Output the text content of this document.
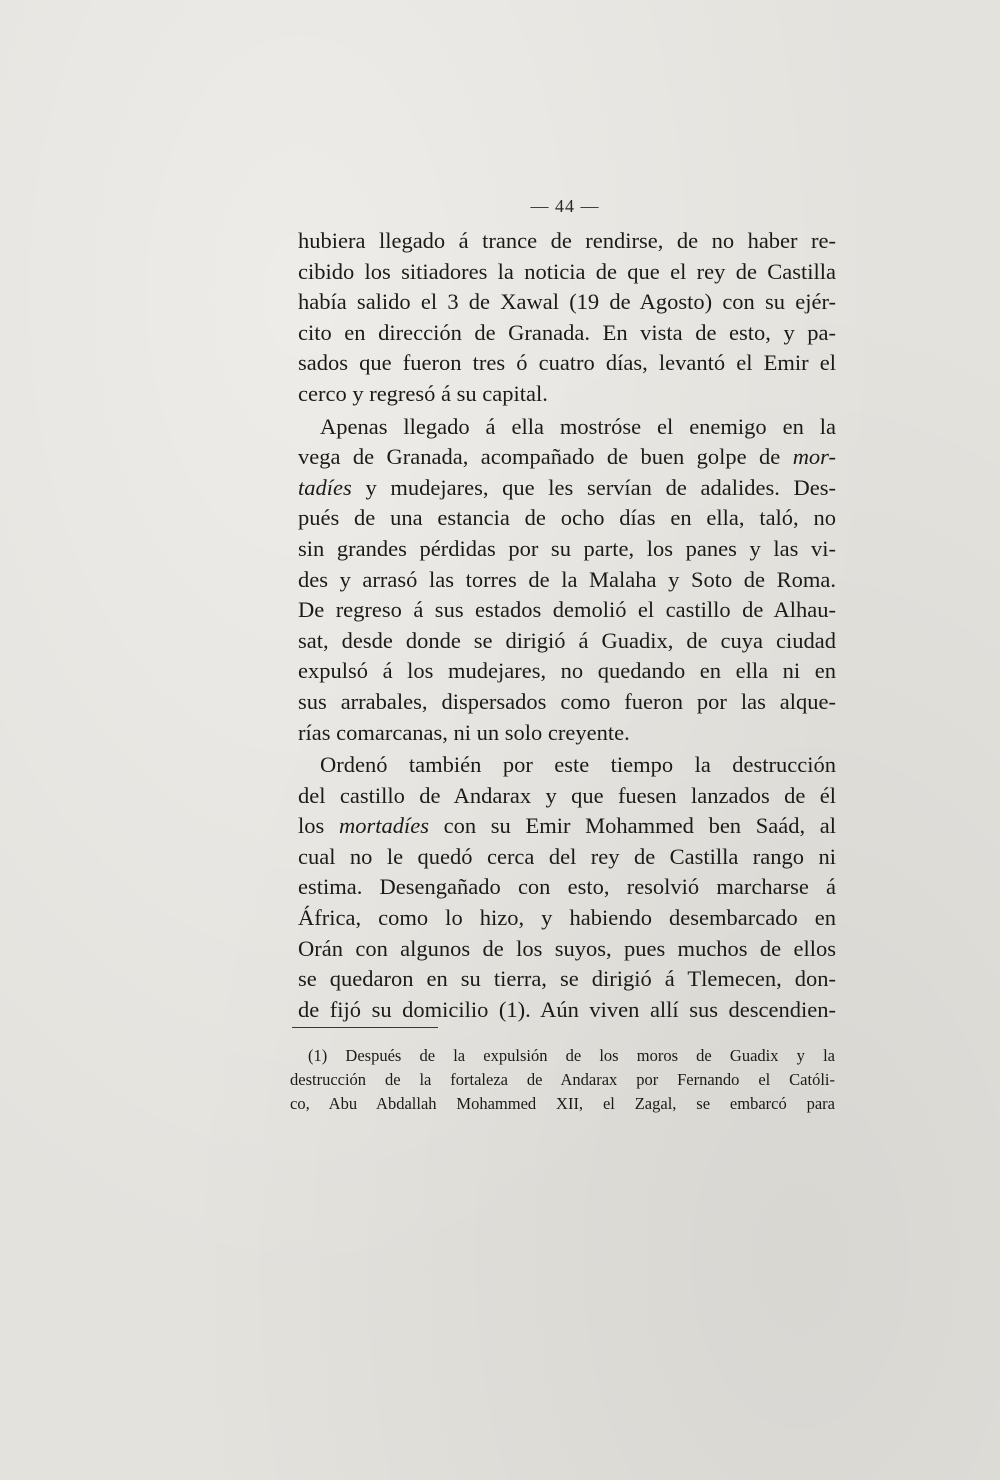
— 44 —
hubiera llegado á trance de rendirse, de no haber re-
cibido los sitiadores la noticia de que el rey de Castilla
había salido el 3 de Xawal (19 de Agosto) con su ejér-
cito en dirección de Granada. En vista de esto, y pa-
sados que fueron tres ó cuatro días, levantó el Emir el
cerco y regresó á su capital.
Apenas llegado á ella mostróse el enemigo en la
vega de Granada, acompañado de buen golpe de mor-
tadíes y mudejares, que les servían de adalides. Des-
pués de una estancia de ocho días en ella, taló, no
sin grandes pérdidas por su parte, los panes y las vi-
des y arrasó las torres de la Malaha y Soto de Roma.
De regreso á sus estados demolió el castillo de Alhau-
sat, desde donde se dirigió á Guadix, de cuya ciudad
expulsó á los mudejares, no quedando en ella ni en
sus arrabales, dispersados como fueron por las alque-
rías comarcanas, ni un solo creyente.
Ordenó también por este tiempo la destrucción
del castillo de Andarax y que fuesen lanzados de él
los mortadíes con su Emir Mohammed ben Saád, al
cual no le quedó cerca del rey de Castilla rango ni
estima. Desengañado con esto, resolvió marcharse á
África, como lo hizo, y habiendo desembarcado en
Orán con algunos de los suyos, pues muchos de ellos
se quedaron en su tierra, se dirigió á Tlemecen, don-
de fijó su domicilio (1). Aún viven allí sus descendien-
(1) Después de la expulsión de los moros de Guadix y la
destrucción de la fortaleza de Andarax por Fernando el Católi-
co, Abu Abdallah Mohammed XII, el Zagal, se embarcó para
